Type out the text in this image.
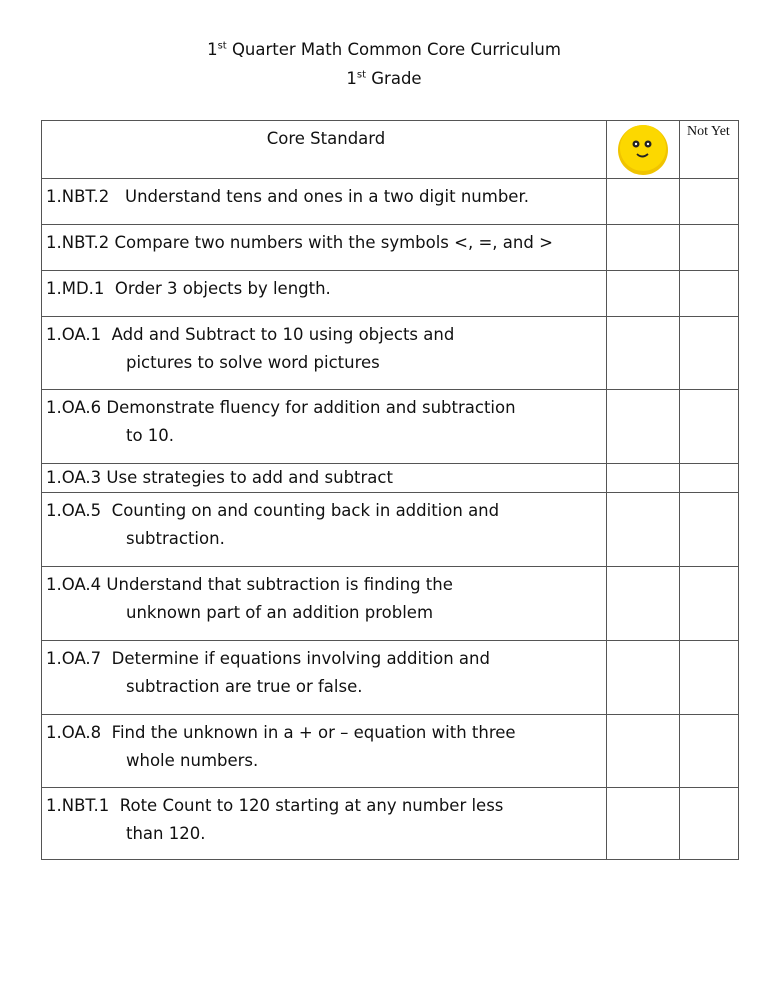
1st Quarter Math Common Core Curriculum
1st Grade
Core Standard		Not Yet

1.NBT.2   Understand tens and ones in a two digit number.		

1.NBT.2 Compare two numbers with the symbols <, =, and >		

1.MD.1  Order 3 objects by length.		

1.OA.1  Add and Subtract to 10 using objects and
pictures to solve word pictures		

1.OA.6 Demonstrate fluency for addition and subtraction
to 10.		

1.OA.3 Use strategies to add and subtract		

1.OA.5  Counting on and counting back in addition and
subtraction.		

1.OA.4 Understand that subtraction is finding the
unknown part of an addition problem		

1.OA.7  Determine if equations involving addition and
subtraction are true or false.		

1.OA.8  Find the unknown in a + or – equation with three
whole numbers.		

1.NBT.1  Rote Count to 120 starting at any number less
than 120.		
